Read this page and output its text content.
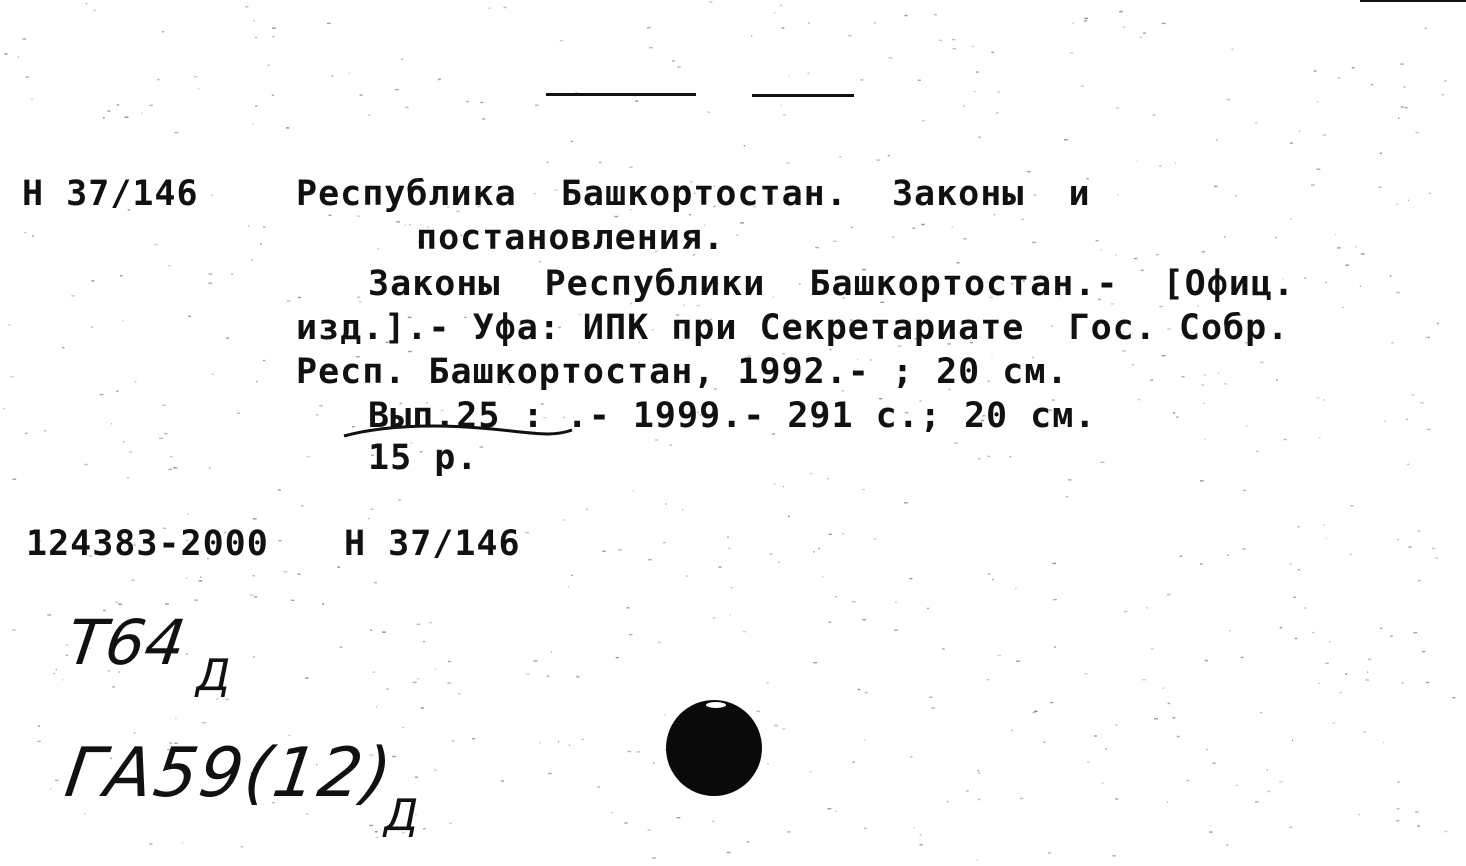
Н 37/146	Республика  Башкортостан.  Законы  и
постановления.
Законы  Республики  Башкортостан.-  [Офиц.
изд.].- Уфа: ИПК при Секретариате  Гос. Собр.
Респ. Башкортостан, 1992.- ; 20 см.
Вып.25 : .- 1999.- 291 с.; 20 см.
15 р.
124383-2000 Н 37/146
Т64 Д
ГА59(12)
Д
